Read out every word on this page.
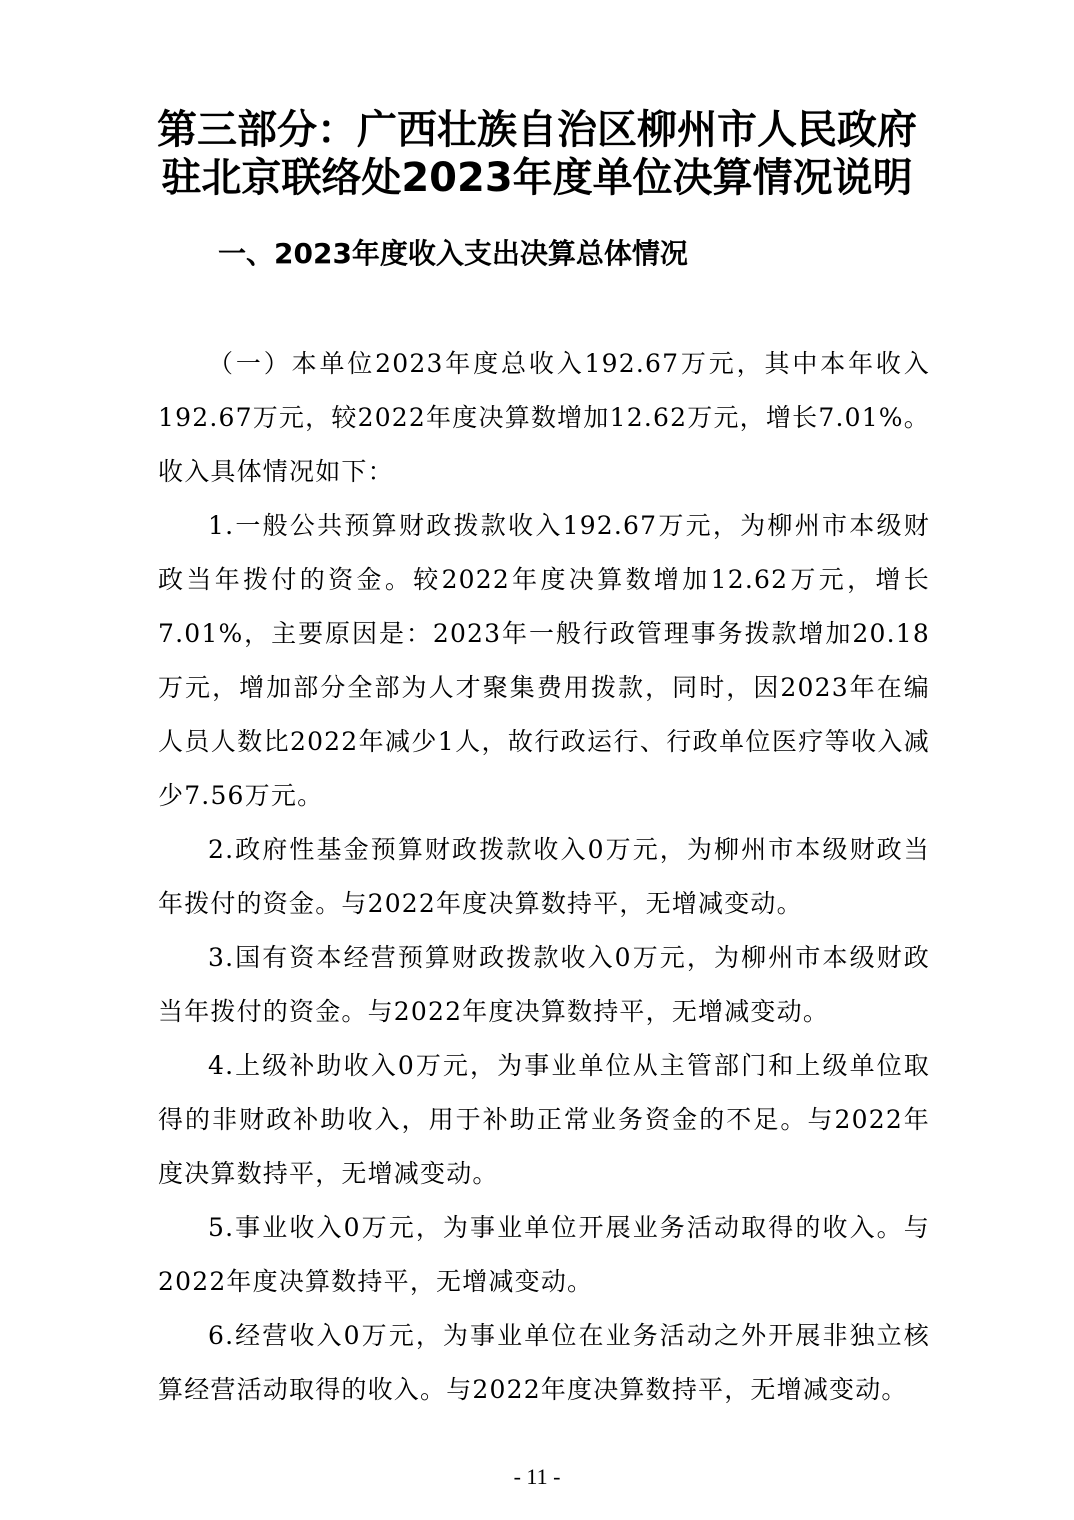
第三部分：广西壮族自治区柳州市人民政府
驻北京联络处2023年度单位决算情况说明
一、2023年度收入支出决算总体情况

（一）本单位2023年度总收入192.67万元，其中本年收入192.67万元，较2022年度决算数增加12.62万元，增长7.01%。收入具体情况如下：

1.一般公共预算财政拨款收入192.67万元，为柳州市本级财政当年拨付的资金。较2022年度决算数增加12.62万元，增长7.01%，主要原因是：2023年一般行政管理事务拨款增加20.18万元，增加部分全部为人才聚集费用拨款，同时，因2023年在编人员人数比2022年减少1人，故行政运行、行政单位医疗等收入减少7.56万元。

2.政府性基金预算财政拨款收入0万元，为柳州市本级财政当年拨付的资金。与2022年度决算数持平，无增减变动。

3.国有资本经营预算财政拨款收入0万元，为柳州市本级财政当年拨付的资金。与2022年度决算数持平，无增减变动。

4.上级补助收入0万元，为事业单位从主管部门和上级单位取得的非财政补助收入，用于补助正常业务资金的不足。与2022年度决算数持平，无增减变动。

5.事业收入0万元，为事业单位开展业务活动取得的收入。与2022年度决算数持平，无增减变动。

6.经营收入0万元，为事业单位在业务活动之外开展非独立核算经营活动取得的收入。与2022年度决算数持平，无增减变动。

- 11 -
